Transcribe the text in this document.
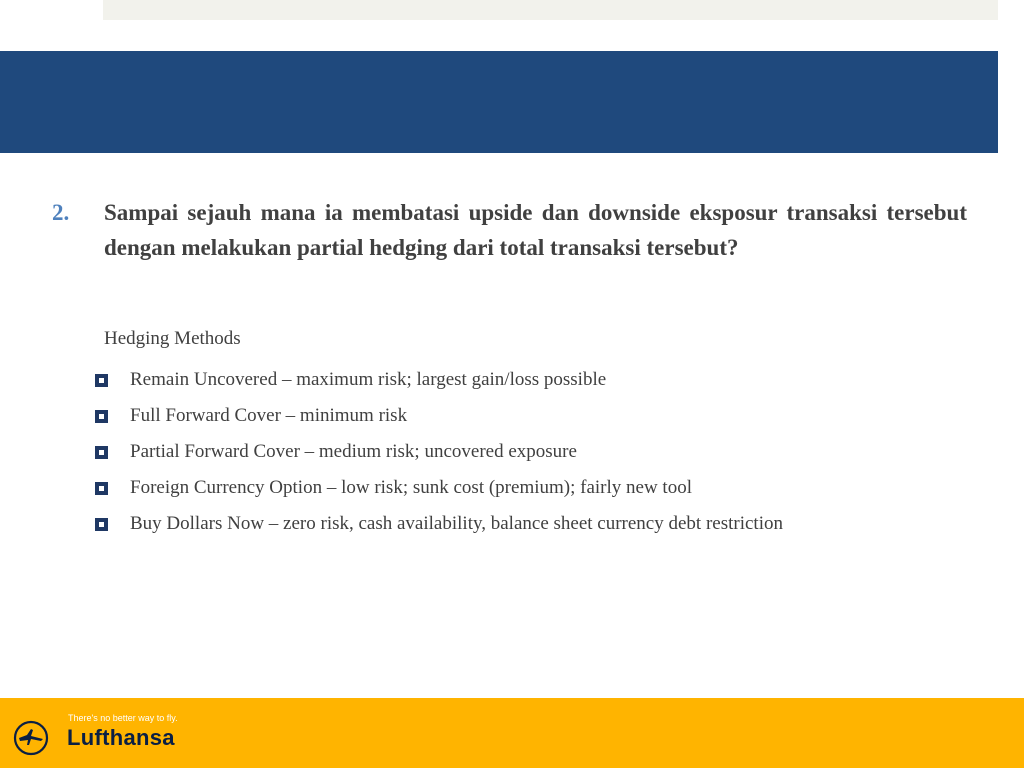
2.	Sampai sejauh mana ia membatasi upside dan downside eksposur transaksi tersebut dengan melakukan partial hedging dari total transaksi tersebut?
Hedging Methods
Remain Uncovered – maximum risk; largest gain/loss possible
Full Forward Cover – minimum risk
Partial Forward Cover – medium risk; uncovered exposure
Foreign Currency Option – low risk; sunk cost (premium); fairly new tool
Buy Dollars Now – zero risk, cash availability, balance sheet currency debt restriction
There's no better way to fly.
Lufthansa
